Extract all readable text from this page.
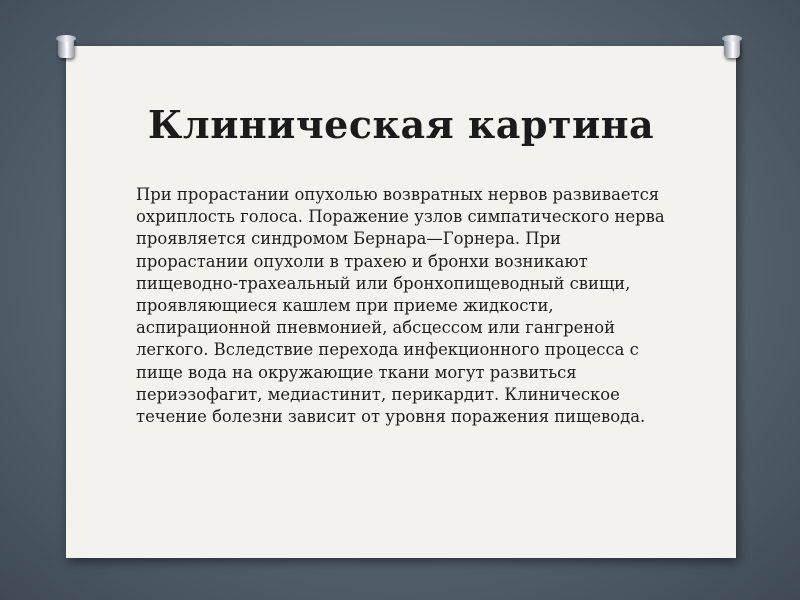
Клиническая картина

При прорастании опухолью возвратных нервов развивается охриплость голоса. Поражение узлов симпатического нерва проявляется синдромом Бернара—Горнера. При прорастании опухоли в трахею и бронхи возникают пищеводно-трахеальный или бронхопищеводный свищи, проявляющиеся кашлем при приеме жидкости, аспирационной пневмонией, абсцессом или гангреной легкого. Вследствие перехода инфекционного процесса с пище вода на окружающие ткани могут развиться периэзофагит, медиастинит, перикардит. Клиническое течение болезни зависит от уровня поражения пищевода.
